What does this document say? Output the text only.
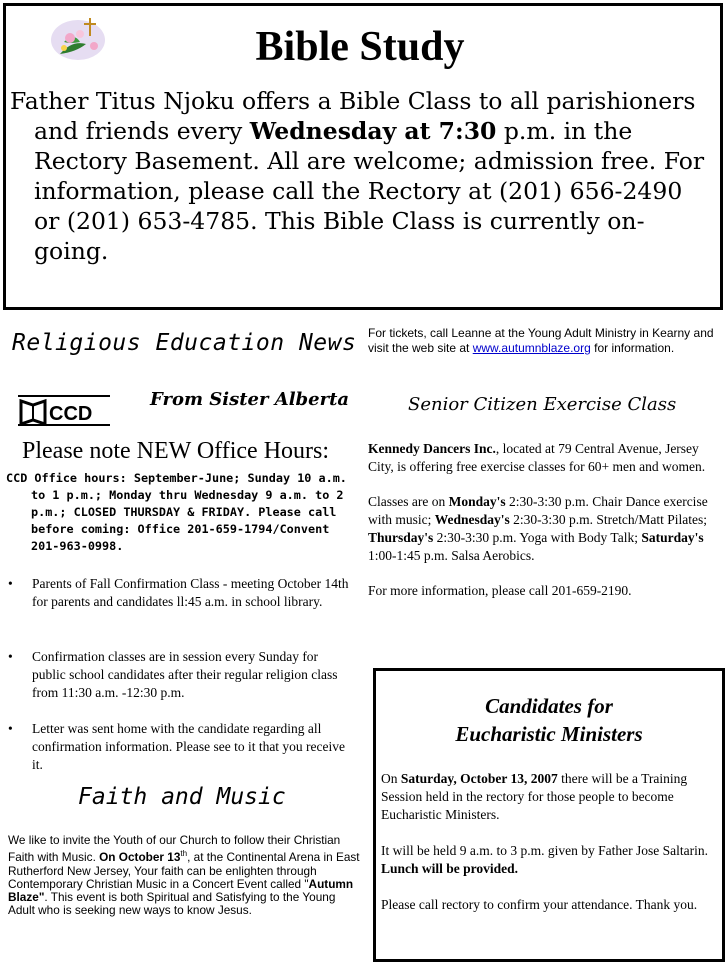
Bible Study

Father Titus Njoku offers a Bible Class to all parishioners and friends every Wednesday at 7:30 p.m. in the Rectory Basement. All are welcome; admission free. For information, please call the Rectory at (201) 656-2490 or (201) 653-4785. This Bible Class is currently on-going.

Religious Education News
CCD
From Sister Alberta
Please note NEW Office Hours:

CCD Office hours: September-June; Sunday 10 a.m. to 1 p.m.; Monday thru Wednesday 9 a.m. to 2 p.m.; CLOSED THURSDAY & FRIDAY. Please call before coming: Office 201-659-1794/Convent 201-963-0998.

• Parents of Fall Confirmation Class - meeting October 14th for parents and candidates ll:45 a.m. in school library.
• Confirmation classes are in session every Sunday for public school candidates after their regular religion class from 11:30 a.m. -12:30 p.m.
• Letter was sent home with the candidate regarding all confirmation information. Please see to it that you receive it.
Faith and Music
We like to invite the Youth of our Church to follow their Christian Faith with Music. On October 13th, at the Continental Arena in East Rutherford New Jersey, Your faith can be enlighten through Contemporary Christian Music in a Concert Event called "Autumn Blaze". This event is both Spiritual and Satisfying to the Young Adult who is seeking new ways to know Jesus.
For tickets, call Leanne at the Young Adult Ministry in Kearny and visit the web site at www.autumnblaze.org for information.
Senior Citizen Exercise Class

Kennedy Dancers Inc., located at 79 Central Avenue, Jersey City, is offering free exercise classes for 60+ men and women.

Classes are on Monday's 2:30-3:30 p.m. Chair Dance exercise with music; Wednesday's 2:30-3:30 p.m. Stretch/Matt Pilates; Thursday's 2:30-3:30 p.m. Yoga with Body Talk; Saturday's 1:00-1:45 p.m. Salsa Aerobics.

For more information, please call 201-659-2190.

Candidates for
Eucharistic Ministers

On Saturday, October 13, 2007 there will be a Training Session held in the rectory for those people to become Eucharistic Ministers.

It will be held 9 a.m. to 3 p.m. given by Father Jose Saltarin. Lunch will be provided.

Please call rectory to confirm your attendance. Thank you.
